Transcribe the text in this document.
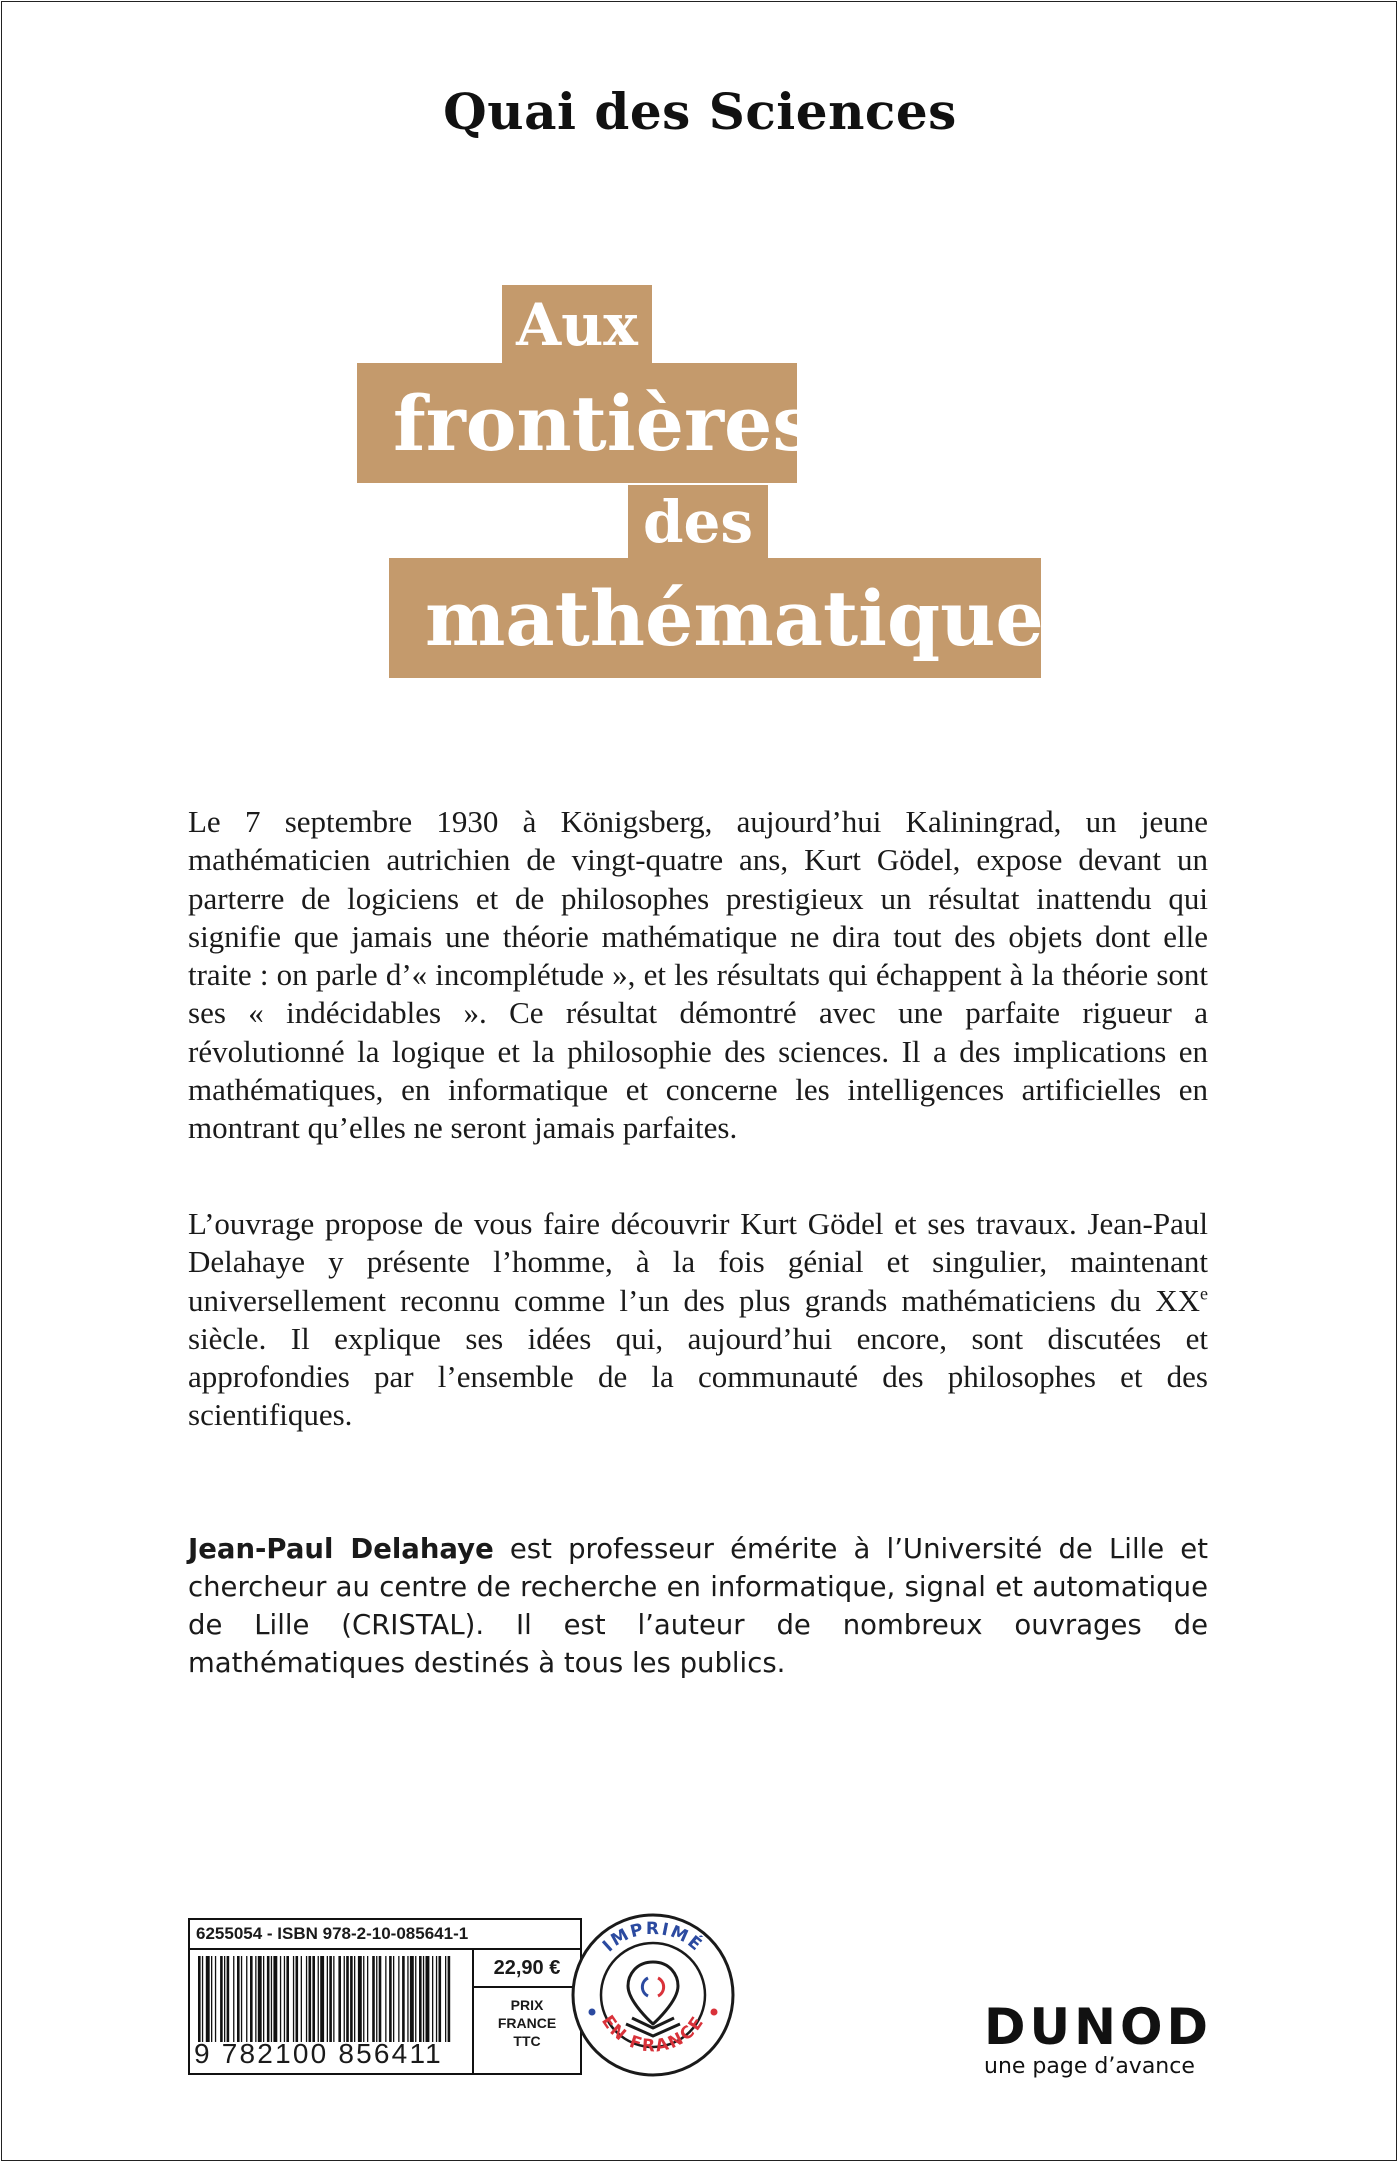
Quai des Sciences
Aux
frontières
des
mathématiques

Le 7 septembre 1930 à Königsberg, aujourd’hui Kaliningrad, un jeune mathématicien autrichien de vingt-quatre ans, Kurt Gödel, expose devant un parterre de logiciens et de philosophes prestigieux un résultat inattendu qui signifie que jamais une théorie mathématique ne dira tout des objets dont elle traite : on parle d’« incomplétude », et les résultats qui échappent à la théorie sont ses « indécidables ». Ce résultat démontré avec une parfaite rigueur a révolutionné la logique et la philosophie des sciences. Il a des implications en mathématiques, en informatique et concerne les intelligences artificielles en montrant qu’elles ne seront jamais parfaites.

L’ouvrage propose de vous faire découvrir Kurt Gödel et ses travaux. Jean-Paul Delahaye y présente l’homme, à la fois génial et singulier, maintenant universellement reconnu comme l’un des plus grands mathématiciens du XXe siècle. Il explique ses idées qui, aujourd’hui encore, sont discutées et approfondies par l’ensemble de la communauté des philosophes et des scientifiques.

Jean-Paul Delahaye est professeur émérite à l’Université de Lille et chercheur au centre de recherche en informatique, signal et automatique de Lille (CRISTAL). Il est l’auteur de nombreux ouvrages de mathématiques destinés à tous les publics.

6255054 - ISBN 978-2-10-085641-1
9 782100 856411
22,90 €
PRIX
FRANCE
TTC
IMPRIMÉ
EN FRANCE	DUNOD
une page d’avance
